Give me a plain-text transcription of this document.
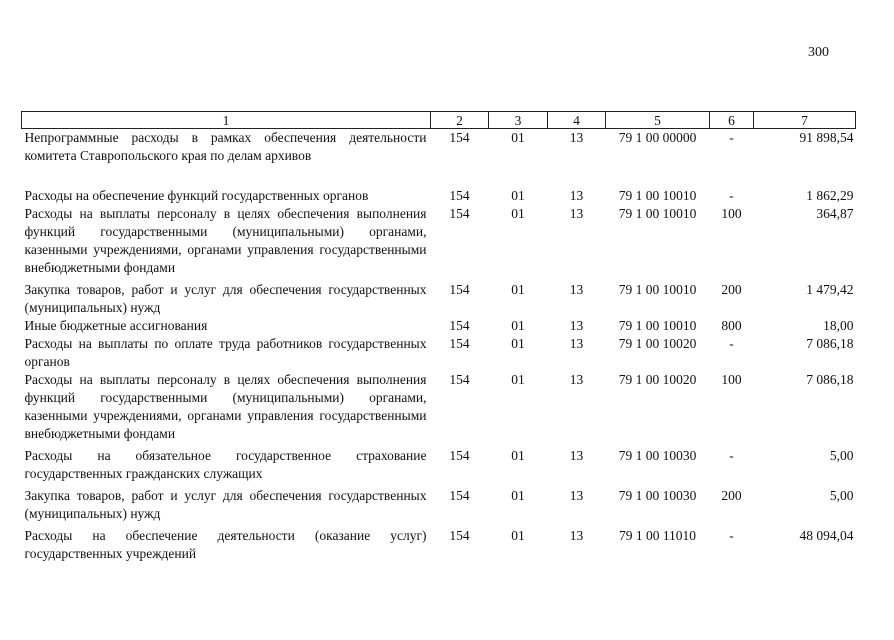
300
1	2	3	4	5	6	7
Непрограммные расходы в рамках обеспечения деятельности комитета Ставропольского края по делам архивов	154	01	13	79 1 00 00000	-	91 898,54
Расходы на обеспечение функций государственных органов	154	01	13	79 1 00 10010	-	1 862,29
Расходы на выплаты персоналу в целях обеспечения выполнения функций государственными (муниципальными) органами, казенными учреждениями, органами управления государственными внебюджетными фондами	154	01	13	79 1 00 10010	100	364,87
Закупка товаров, работ и услуг для обеспечения государственных (муниципальных) нужд	154	01	13	79 1 00 10010	200	1 479,42
Иные бюджетные ассигнования	154	01	13	79 1 00 10010	800	18,00
Расходы на выплаты по оплате труда работников государственных органов	154	01	13	79 1 00 10020	-	7 086,18
Расходы на выплаты персоналу в целях обеспечения выполнения функций государственными (муниципальными) органами, казенными учреждениями, органами управления государственными внебюджетными фондами	154	01	13	79 1 00 10020	100	7 086,18
Расходы на обязательное государственное страхование государственных гражданских служащих	154	01	13	79 1 00 10030	-	5,00
Закупка товаров, работ и услуг для обеспечения государственных (муниципальных) нужд	154	01	13	79 1 00 10030	200	5,00
Расходы на обеспечение деятельности (оказание услуг) государственных учреждений	154	01	13	79 1 00 11010	-	48 094,04
